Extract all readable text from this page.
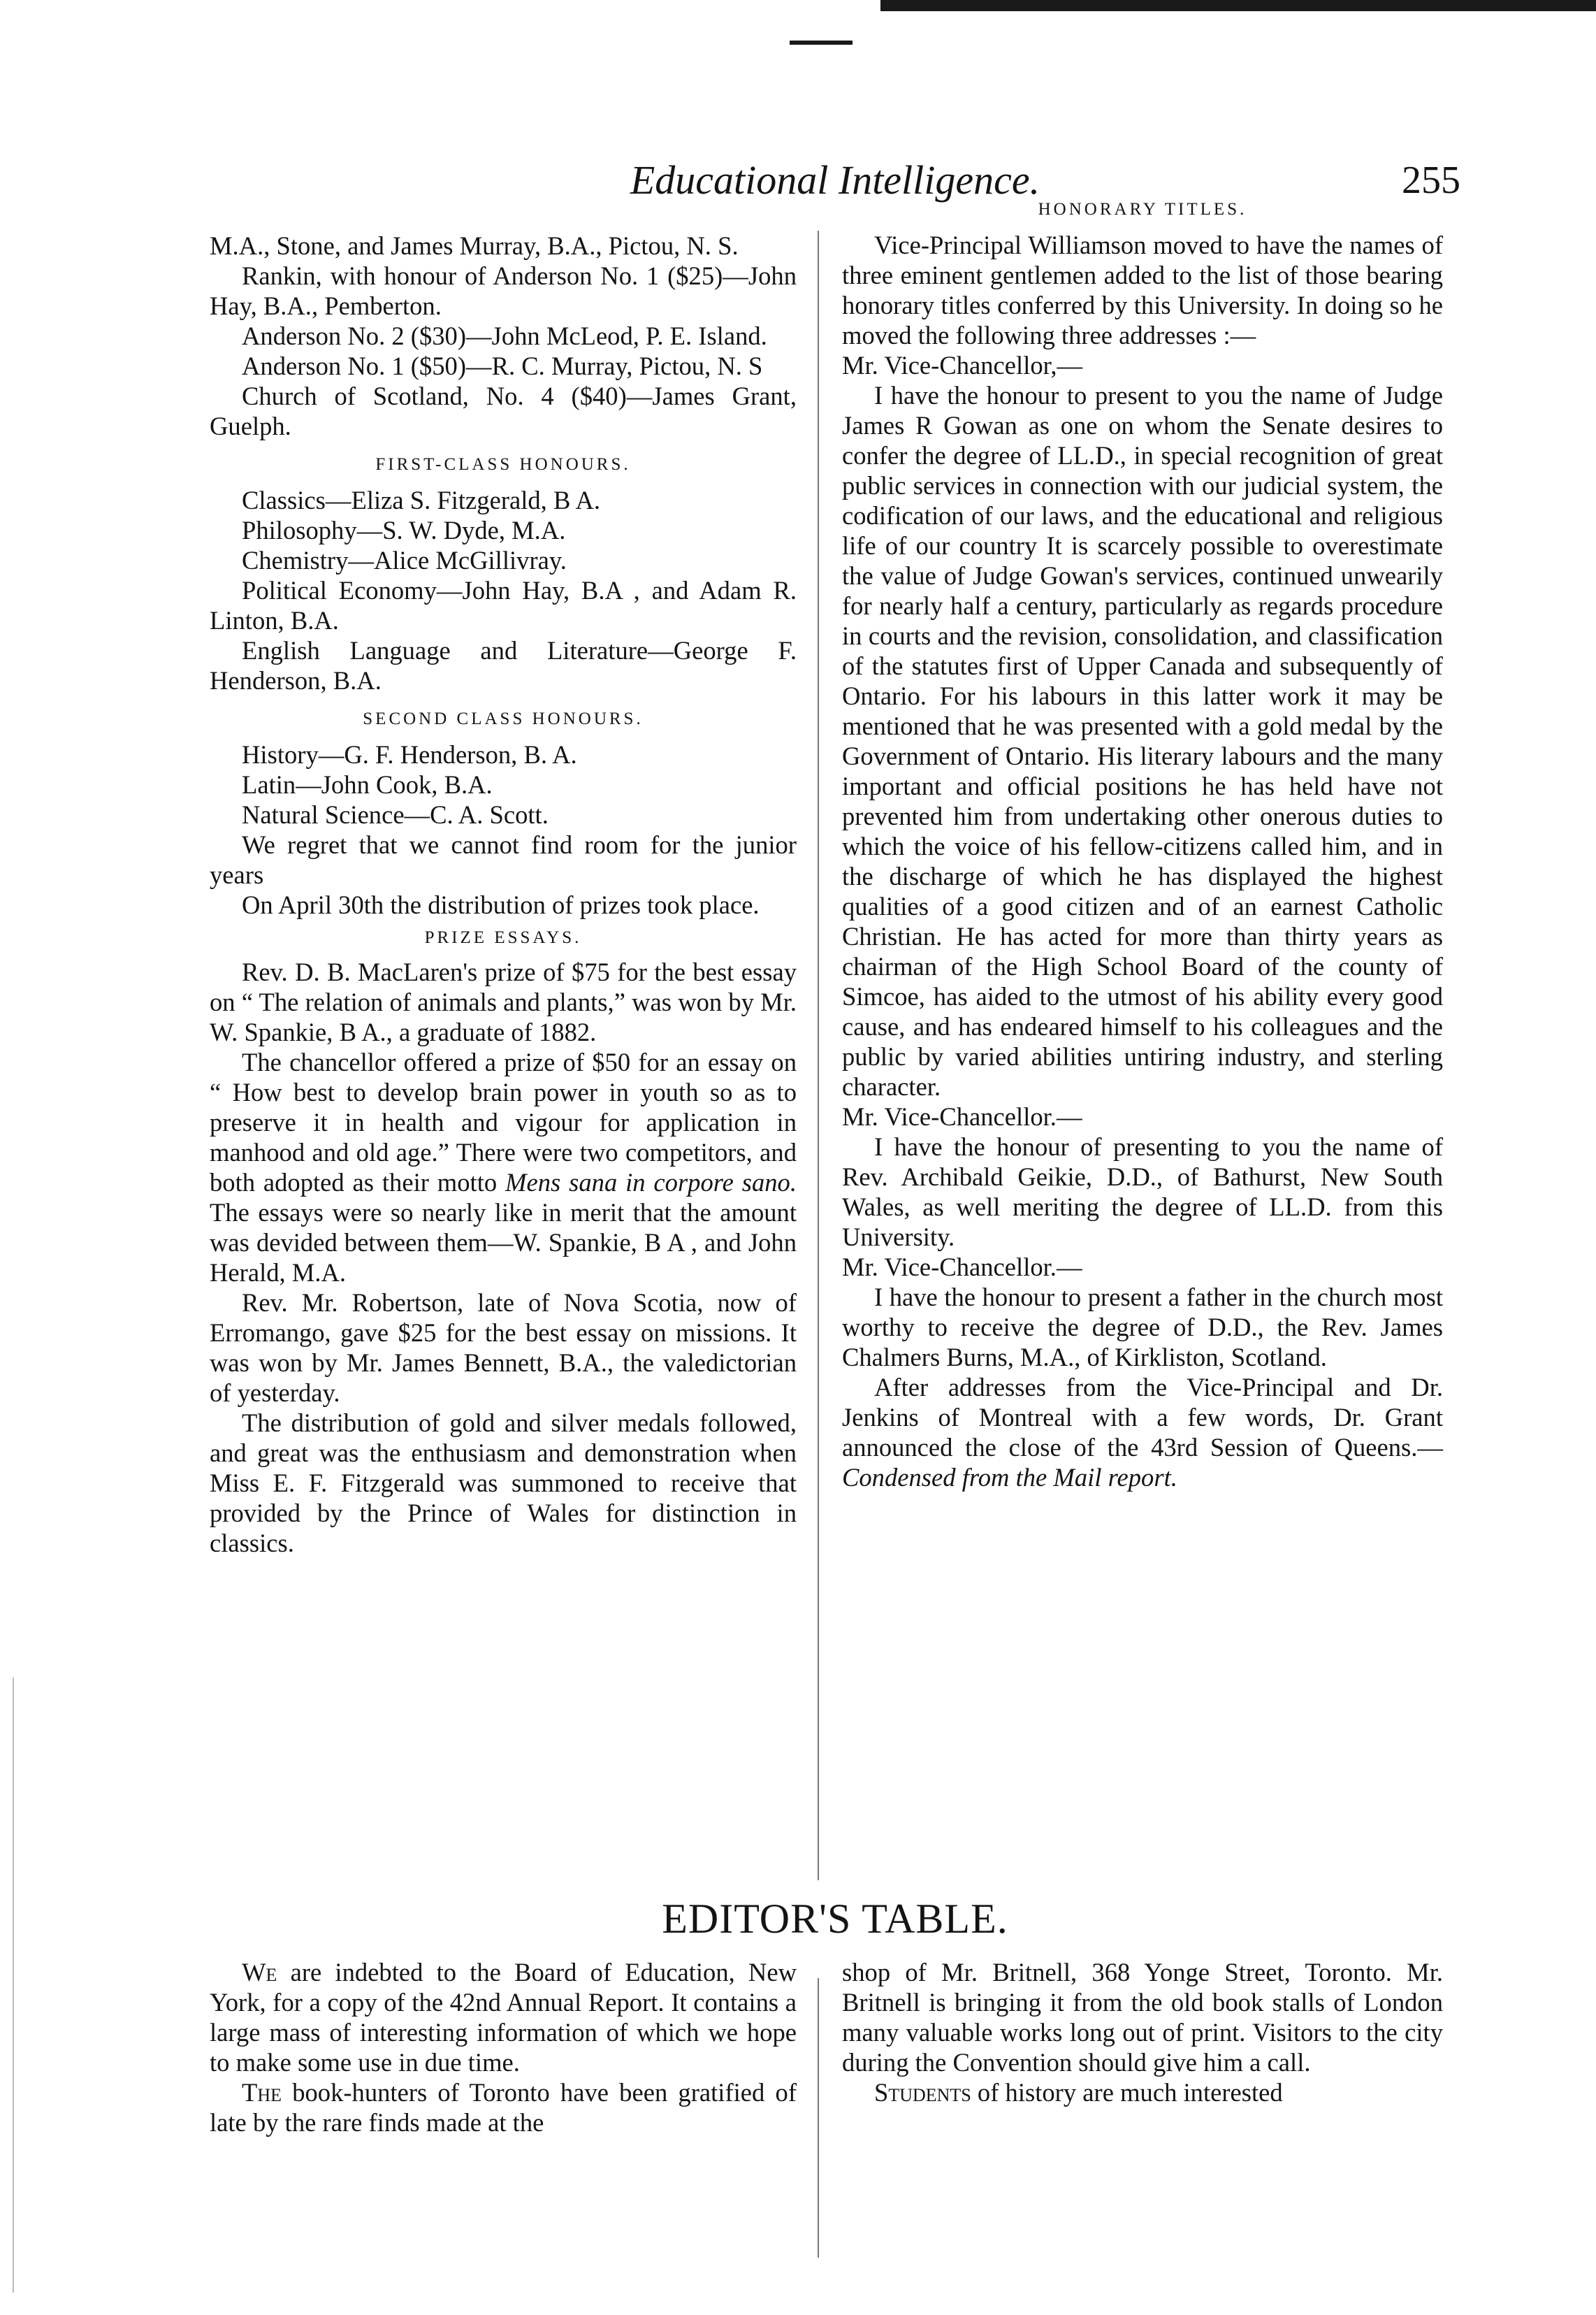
Educational Intelligence.	255

M.A., Stone, and James Murray, B.A., Pictou, N. S.

Rankin, with honour of Anderson No. 1 ($25)—John Hay, B.A., Pemberton.

Anderson No. 2 ($30)—John McLeod, P. E. Island.

Anderson No. 1 ($50)—R. C. Murray, Pictou, N. S

Church of Scotland, No. 4 ($40)—James Grant, Guelph.

FIRST-CLASS HONOURS.

Classics—Eliza S. Fitzgerald, B A.

Philosophy—S. W. Dyde, M.A.

Chemistry—Alice McGillivray.

Political Economy—John Hay, B.A , and Adam R. Linton, B.A.

English Language and Literature—George F. Henderson, B.A.

SECOND CLASS HONOURS.

History—G. F. Henderson, B. A.

Latin—John Cook, B.A.

Natural Science—C. A. Scott.

We regret that we cannot find room for the junior years

On April 30th the distribution of prizes took place.

PRIZE ESSAYS.

Rev. D. B. MacLaren's prize of $75 for the best essay on “ The relation of animals and plants,” was won by Mr. W. Spankie, B A., a graduate of 1882.

The chancellor offered a prize of $50 for an essay on “ How best to develop brain power in youth so as to preserve it in health and vigour for application in manhood and old age.” There were two competitors, and both adopted as their motto Mens sana in corpore sano. The essays were so nearly like in merit that the amount was devided between them—W. Spankie, B A , and John Herald, M.A.

Rev. Mr. Robertson, late of Nova Scotia, now of Erromango, gave $25 for the best essay on missions. It was won by Mr. James Bennett, B.A., the valedictorian of yesterday.

The distribution of gold and silver medals followed, and great was the enthusiasm and demonstration when Miss E. F. Fitzgerald was summoned to receive that provided by the Prince of Wales for distinction in classics.

HONORARY TITLES.

Vice-Principal Williamson moved to have the names of three eminent gentlemen added to the list of those bearing honorary titles conferred by this University. In doing so he moved the following three addresses :—

Mr. Vice-Chancellor,—

I have the honour to present to you the name of Judge James R Gowan as one on whom the Senate desires to confer the degree of LL.D., in special recognition of great public services in connection with our judicial system, the codification of our laws, and the educational and religious life of our country It is scarcely possible to overestimate the value of Judge Gowan's services, continued unwearily for nearly half a century, particularly as regards procedure in courts and the revision, consolidation, and classification of the statutes first of Upper Canada and subsequently of Ontario. For his labours in this latter work it may be mentioned that he was presented with a gold medal by the Government of Ontario. His literary labours and the many important and official positions he has held have not prevented him from undertaking other onerous duties to which the voice of his fellow-citizens called him, and in the discharge of which he has displayed the highest qualities of a good citizen and of an earnest Catholic Christian. He has acted for more than thirty years as chairman of the High School Board of the county of Simcoe, has aided to the utmost of his ability every good cause, and has endeared himself to his colleagues and the public by varied abilities untiring industry, and sterling character.

Mr. Vice-Chancellor.—

I have the honour of presenting to you the name of Rev. Archibald Geikie, D.D., of Bathurst, New South Wales, as well meriting the degree of LL.D. from this University.

Mr. Vice-Chancellor.—

I have the honour to present a father in the church most worthy to receive the degree of D.D., the Rev. James Chalmers Burns, M.A., of Kirkliston, Scotland.

After addresses from the Vice-Principal and Dr. Jenkins of Montreal with a few words, Dr. Grant announced the close of the 43rd Session of Queens.—Condensed from the Mail report.

EDITOR'S TABLE.

We are indebted to the Board of Education, New York, for a copy of the 42nd Annual Report. It contains a large mass of interesting information of which we hope to make some use in due time.

The book-hunters of Toronto have been gratified of late by the rare finds made at the

shop of Mr. Britnell, 368 Yonge Street, Toronto. Mr. Britnell is bringing it from the old book stalls of London many valuable works long out of print. Visitors to the city during the Convention should give him a call.

Students of history are much interested
